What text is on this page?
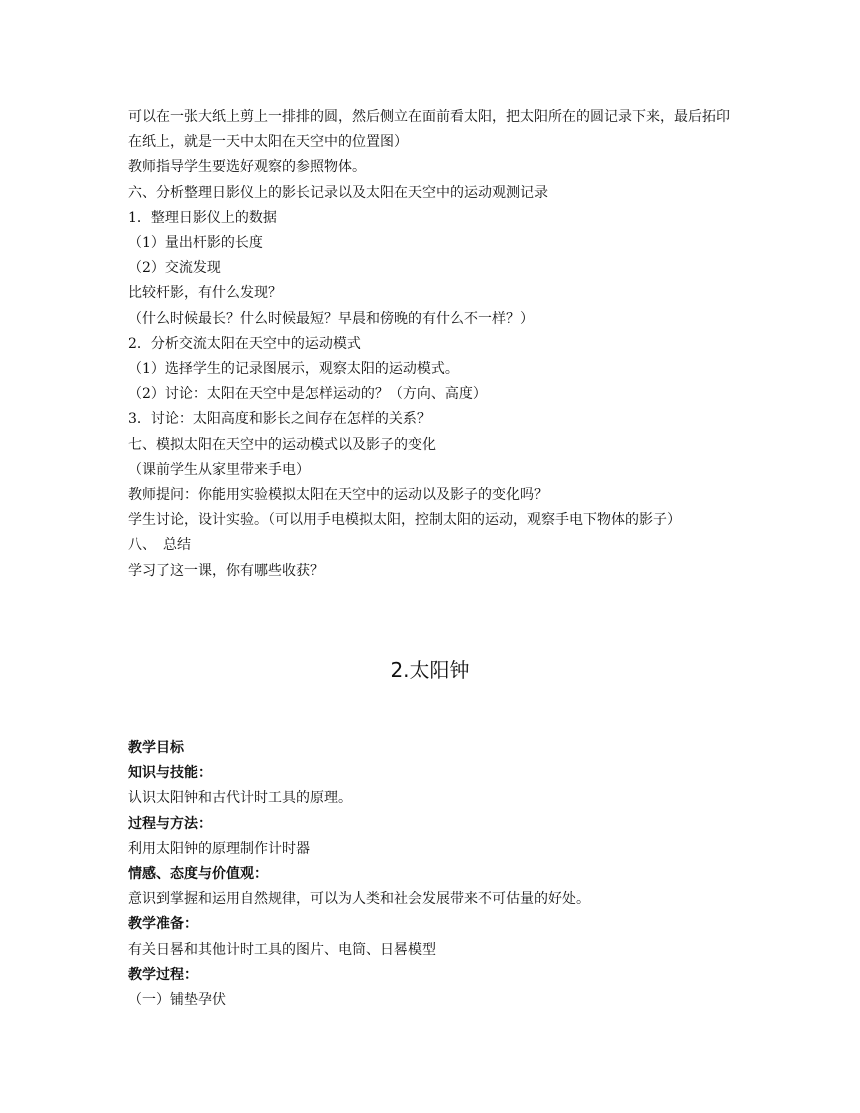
可以在一张大纸上剪上一排排的圆，然后侧立在面前看太阳，把太阳所在的圆记录下来，最后拓印在纸上，就是一天中太阳在天空中的位置图）
教师指导学生要选好观察的参照物体。
六、分析整理日影仪上的影长记录以及太阳在天空中的运动观测记录
1．整理日影仪上的数据
（1）量出杆影的长度
（2）交流发现
比较杆影，有什么发现？
（什么时候最长？什么时候最短？早晨和傍晚的有什么不一样？）
2．分析交流太阳在天空中的运动模式
（1）选择学生的记录图展示，观察太阳的运动模式。
（2）讨论：太阳在天空中是怎样运动的？（方向、高度）
3．讨论：太阳高度和影长之间存在怎样的关系？
七、模拟太阳在天空中的运动模式以及影子的变化
（课前学生从家里带来手电）
教师提问：你能用实验模拟太阳在天空中的运动以及影子的变化吗？
学生讨论，设计实验。（可以用手电模拟太阳，控制太阳的运动，观察手电下物体的影子）
八、　总结
学习了这一课，你有哪些收获？
2.太阳钟
教学目标
知识与技能：
认识太阳钟和古代计时工具的原理。
过程与方法：
利用太阳钟的原理制作计时器
情感、态度与价值观：
意识到掌握和运用自然规律，可以为人类和社会发展带来不可估量的好处。
教学准备：
有关日晷和其他计时工具的图片、电筒、日晷模型
教学过程：
（一）铺垫孕伏
